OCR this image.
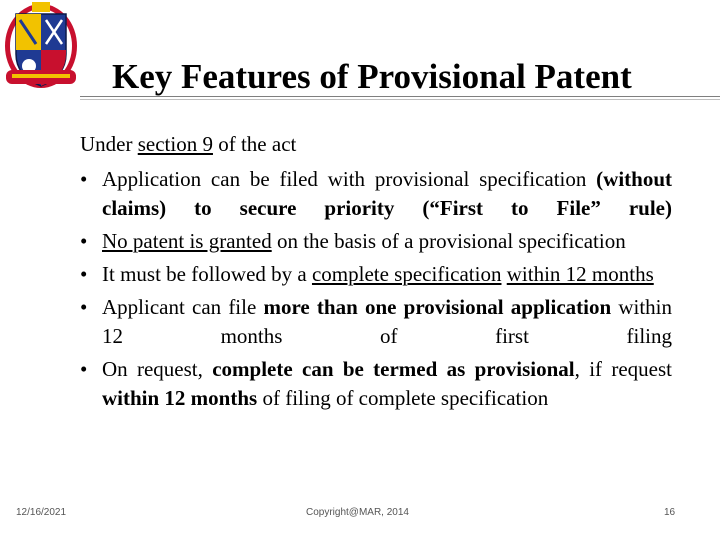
Key Features of Provisional Patent

Under section 9 of the act

• Application can be filed with provisional specification (without claims) to secure priority (“First to File” rule)
• No patent is granted on the basis of a provisional specification
• It must be followed by a complete specification within 12 months
• Applicant can file more than one provisional application within 12 months of first filing
• On request, complete can be termed as provisional, if request within 12 months of filing of complete specification
12/16/2021	Copyright@MAR, 2014	16
